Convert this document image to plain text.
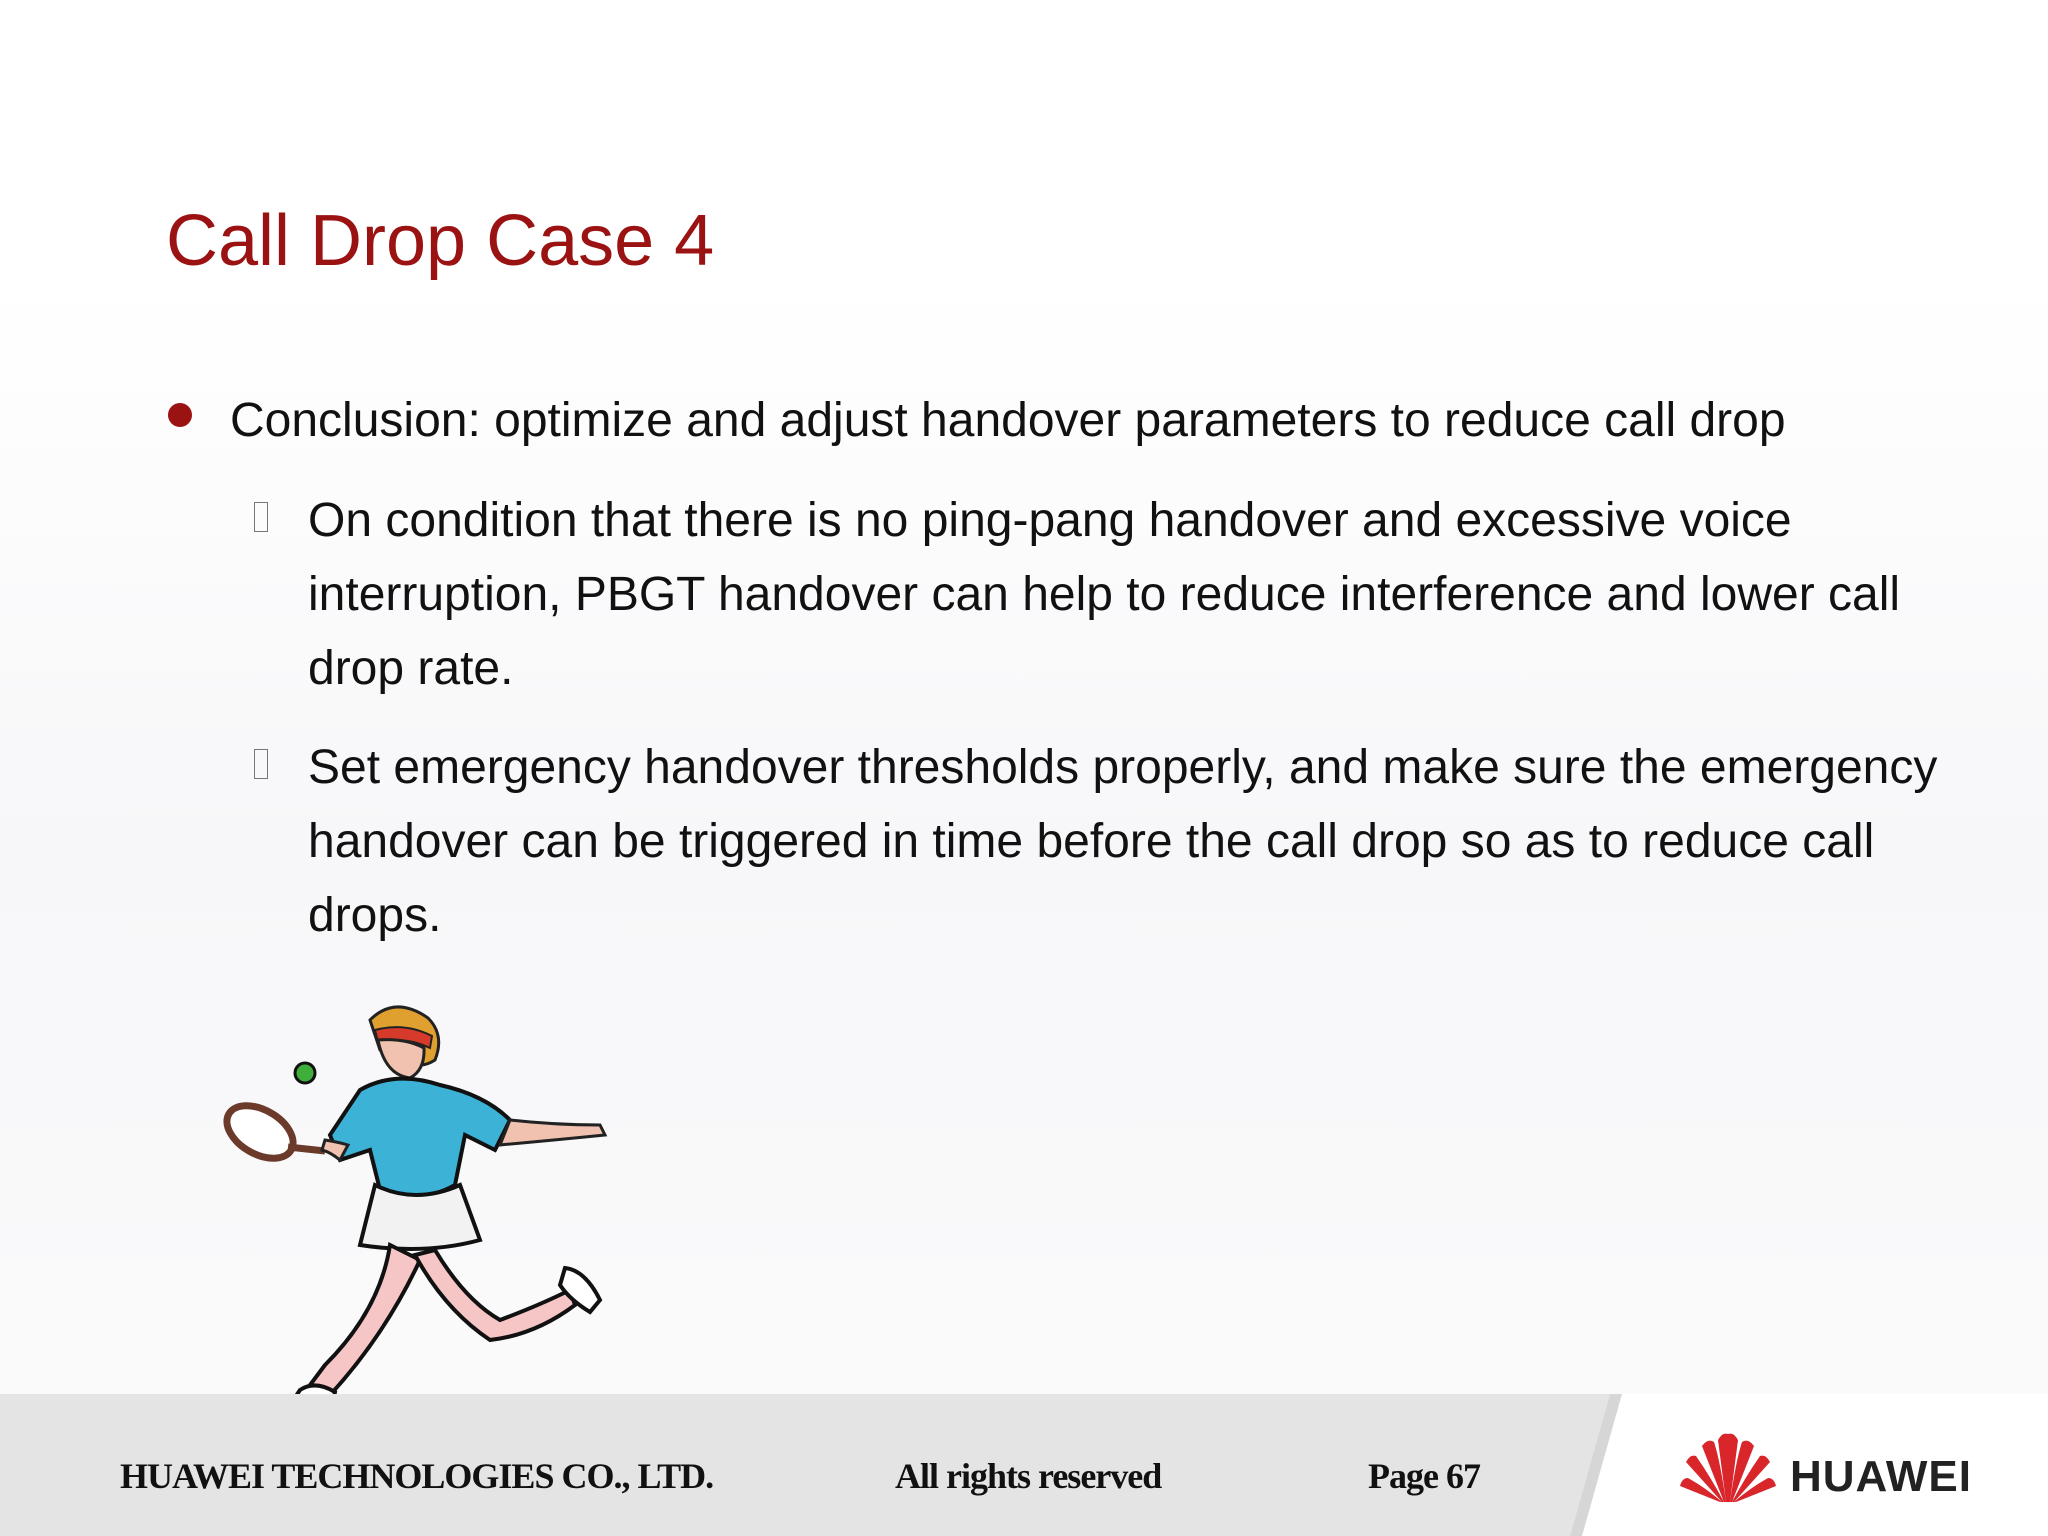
Call Drop Case 4
Conclusion: optimize and adjust handover parameters to reduce call drop
On condition that there is no ping-pang handover and excessive voice interruption, PBGT handover can help to reduce interference and lower call drop rate.
Set emergency handover thresholds properly, and make sure the emergency handover can be triggered in time before the call drop so as to reduce call drops.
HUAWEI TECHNOLOGIES CO., LTD.	All rights reserved	Page 67	HUAWEI
